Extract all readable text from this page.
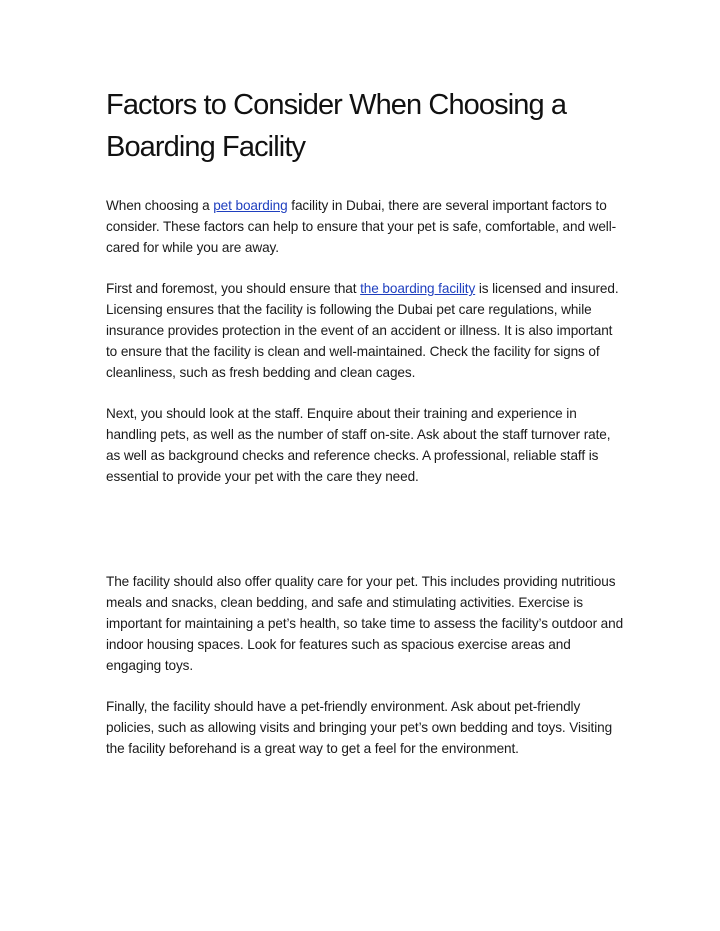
Factors to Consider When Choosing a Boarding Facility

When choosing a pet boarding facility in Dubai, there are several important factors to consider. These factors can help to ensure that your pet is safe, comfortable, and well-cared for while you are away.

First and foremost, you should ensure that the boarding facility is licensed and insured. Licensing ensures that the facility is following the Dubai pet care regulations, while insurance provides protection in the event of an accident or illness. It is also important to ensure that the facility is clean and well-maintained. Check the facility for signs of cleanliness, such as fresh bedding and clean cages.

Next, you should look at the staff. Enquire about their training and experience in handling pets, as well as the number of staff on-site. Ask about the staff turnover rate, as well as background checks and reference checks. A professional, reliable staff is essential to provide your pet with the care they need.

The facility should also offer quality care for your pet. This includes providing nutritious meals and snacks, clean bedding, and safe and stimulating activities. Exercise is important for maintaining a pet’s health, so take time to assess the facility’s outdoor and indoor housing spaces. Look for features such as spacious exercise areas and engaging toys.

Finally, the facility should have a pet-friendly environment. Ask about pet-friendly policies, such as allowing visits and bringing your pet’s own bedding and toys. Visiting the facility beforehand is a great way to get a feel for the environment.
